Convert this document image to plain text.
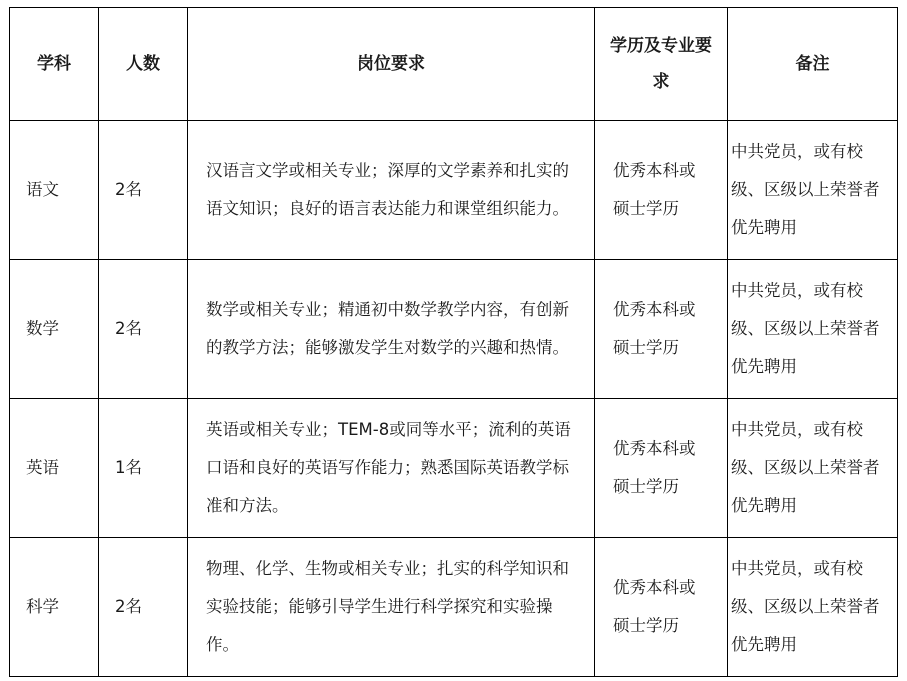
学科	人数	岗位要求	学历及专业要求	备注
语文	2名	汉语言文学或相关专业；深厚的文学素养和扎实的语文知识；良好的语言表达能力和课堂组织能力。	优秀本科或硕士学历	中共党员，或有校级、区级以上荣誉者优先聘用
数学	2名	数学或相关专业；精通初中数学教学内容，有创新的教学方法；能够激发学生对数学的兴趣和热情。	优秀本科或硕士学历	中共党员，或有校级、区级以上荣誉者优先聘用
英语	1名	英语或相关专业；TEM-8或同等水平；流利的英语口语和良好的英语写作能力；熟悉国际英语教学标准和方法。	优秀本科或硕士学历	中共党员，或有校级、区级以上荣誉者优先聘用
科学	2名	物理、化学、生物或相关专业；扎实的科学知识和实验技能；能够引导学生进行科学探究和实验操作。	优秀本科或硕士学历	中共党员，或有校级、区级以上荣誉者优先聘用
